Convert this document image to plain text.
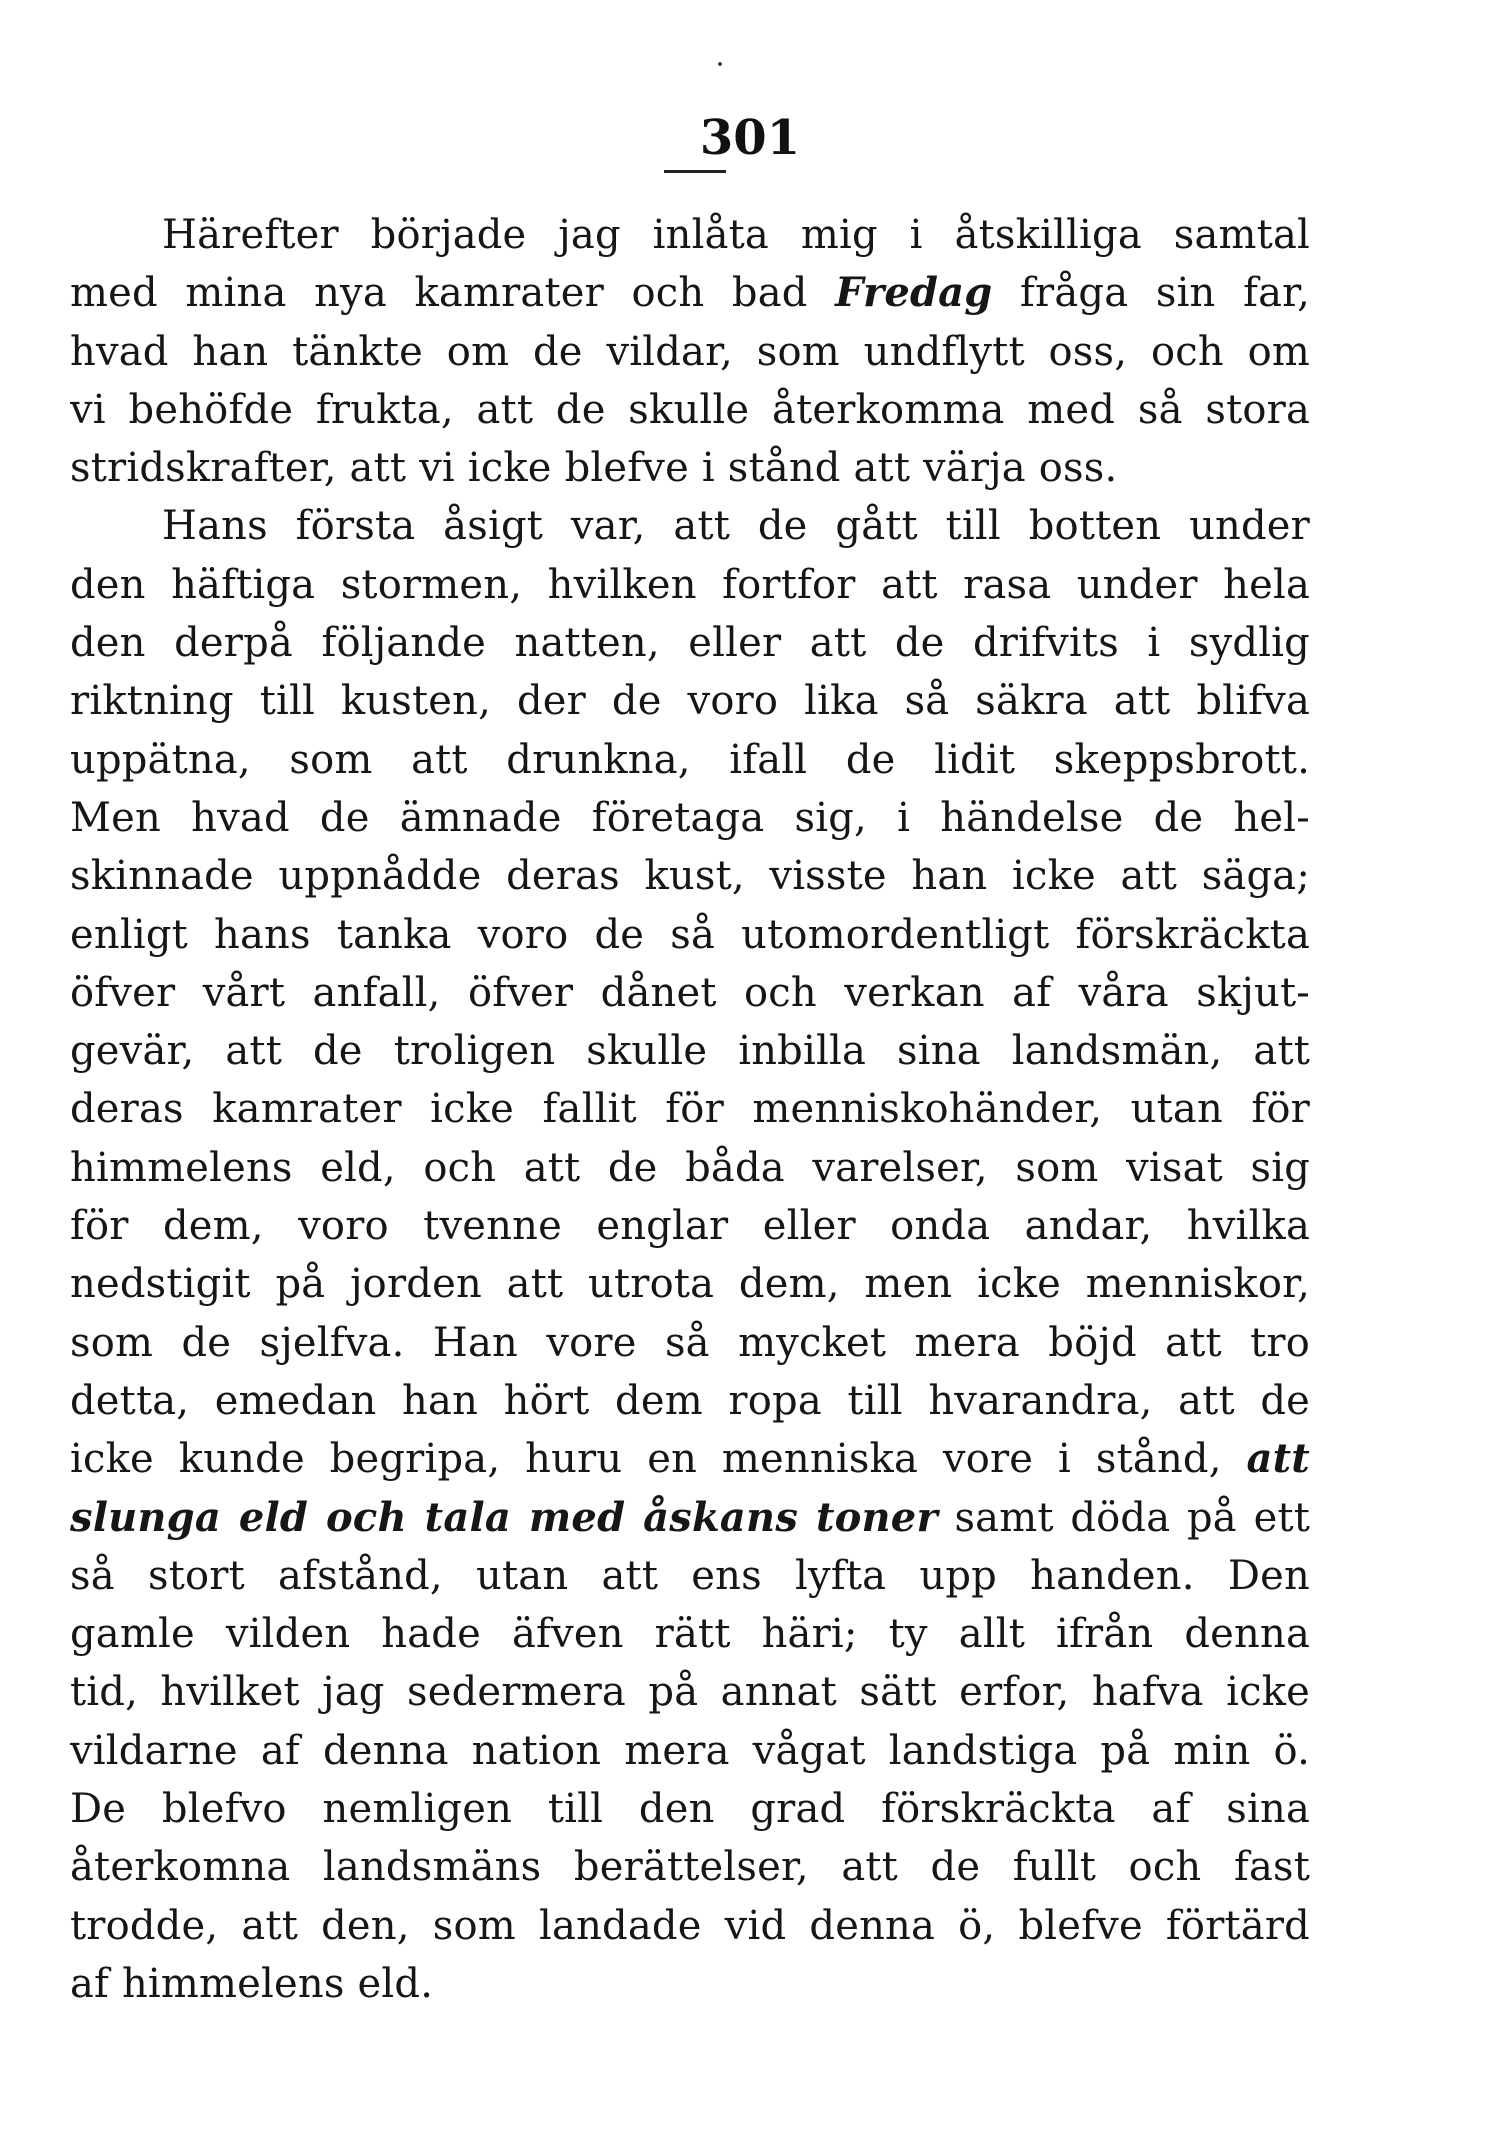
301
Härefter började jag inlåta mig i åtskilliga samtal
med mina nya kamrater och bad Fredag fråga sin far,
hvad han tänkte om de vildar, som undflytt oss, och om
vi behöfde frukta, att de skulle återkomma med så stora
stridskrafter, att vi icke blefve i stånd att värja oss.
Hans första åsigt var, att de gått till botten under
den häftiga stormen, hvilken fortfor att rasa under hela
den derpå följande natten, eller att de drifvits i sydlig
riktning till kusten, der de voro lika så säkra att blifva
uppätna, som att drunkna, ifall de lidit skeppsbrott.
Men hvad de ämnade företaga sig, i händelse de hel-
skinnade uppnådde deras kust, visste han icke att säga;
enligt hans tanka voro de så utomordentligt förskräckta
öfver vårt anfall, öfver dånet och verkan af våra skjut-
gevär, att de troligen skulle inbilla sina landsmän, att
deras kamrater icke fallit för menniskohänder, utan för
himmelens eld, och att de båda varelser, som visat sig
för dem, voro tvenne englar eller onda andar, hvilka
nedstigit på jorden att utrota dem, men icke menniskor,
som de sjelfva. Han vore så mycket mera böjd att tro
detta, emedan han hört dem ropa till hvarandra, att de
icke kunde begripa, huru en menniska vore i stånd, att
slunga eld och tala med åskans toner samt döda på ett
så stort afstånd, utan att ens lyfta upp handen. Den
gamle vilden hade äfven rätt häri; ty allt ifrån denna
tid, hvilket jag sedermera på annat sätt erfor, hafva icke
vildarne af denna nation mera vågat landstiga på min ö.
De blefvo nemligen till den grad förskräckta af sina
återkomna landsmäns berättelser, att de fullt och fast
trodde, att den, som landade vid denna ö, blefve förtärd
af himmelens eld.
